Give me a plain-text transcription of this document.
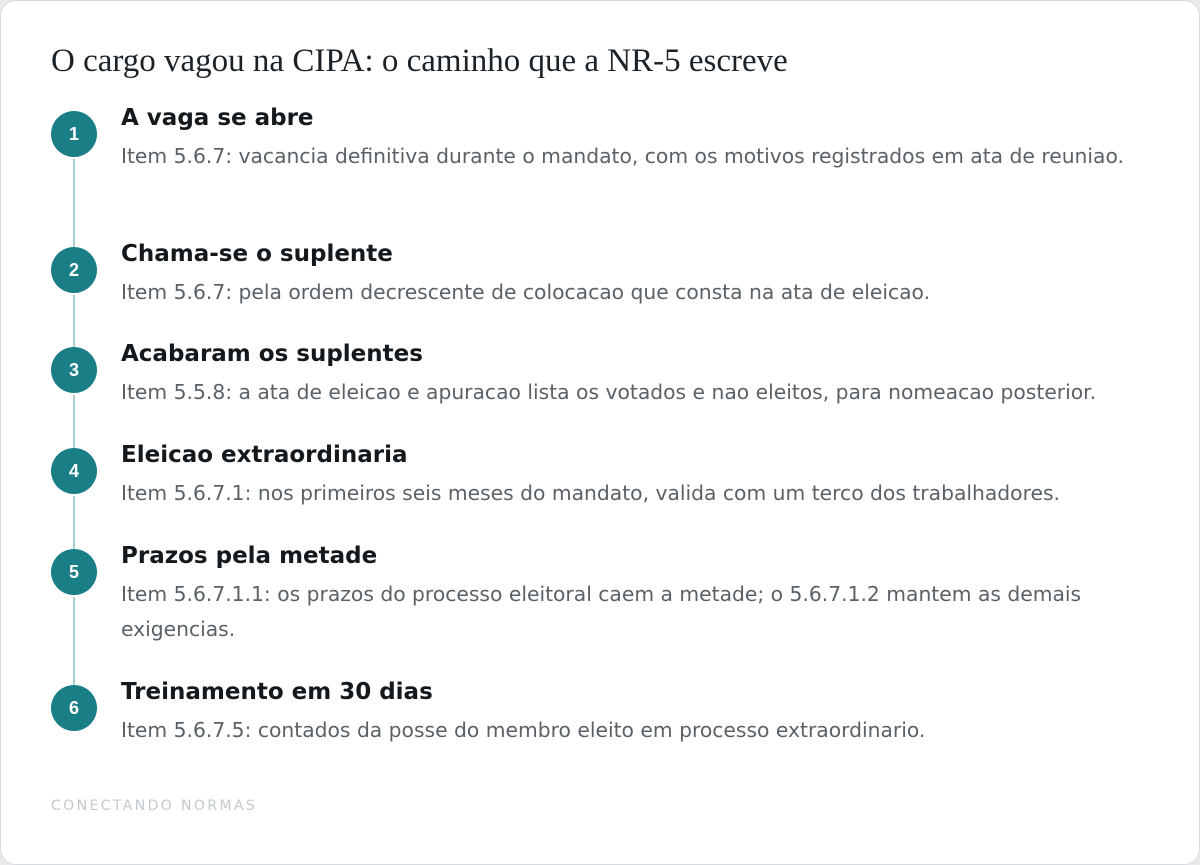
O cargo vagou na CIPA: o caminho que a NR-5 escreve
1
A vaga se abre
Item 5.6.7: vacancia definitiva durante o mandato, com os motivos registrados em ata de reuniao.
2
Chama-se o suplente
Item 5.6.7: pela ordem decrescente de colocacao que consta na ata de eleicao.
3
Acabaram os suplentes
Item 5.5.8: a ata de eleicao e apuracao lista os votados e nao eleitos, para nomeacao posterior.
4
Eleicao extraordinaria
Item 5.6.7.1: nos primeiros seis meses do mandato, valida com um terco dos trabalhadores.
5
Prazos pela metade
Item 5.6.7.1.1: os prazos do processo eleitoral caem a metade; o 5.6.7.1.2 mantem as demais exigencias.
6
Treinamento em 30 dias
Item 5.6.7.5: contados da posse do membro eleito em processo extraordinario.
CONECTANDO NORMAS
